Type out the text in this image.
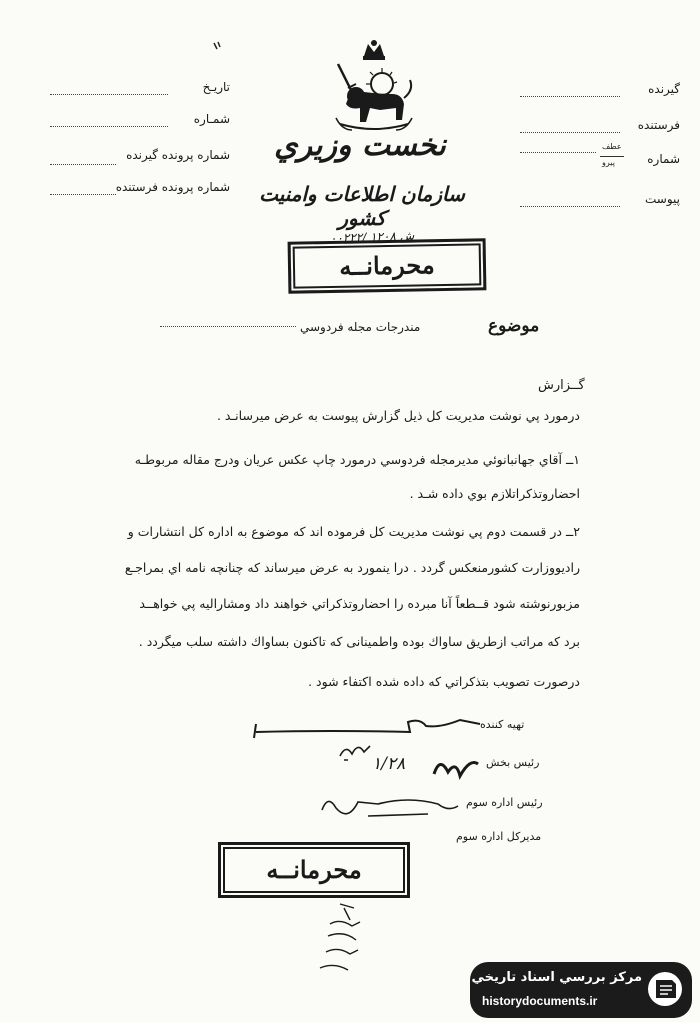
تاريـخ
شمـاره
شماره پرونده گيرنده
شماره پرونده فرستنده
گيرنده
فرستنده
شماره
عطف
پيرو
پيوست
نخست وزيري
سازمان اطلاعات وامنيت كشور
ش ١٢٠٨ /٠٠٢٢٢
محرمانــه
موضوع
مندرجات مجله فردوسي
گــزارش
درمورد پي نوشت مديريت كل ذيل گزارش پيوست به عرض ميرسانـد .
١ــ آقاي جهانبانوئي مديرمجله فردوسي درمورد چاپ عكس عريان ودرج مقاله مربوطـه
احضاروتذكراتلازم بوي داده شـد .
٢ــ در قسمت دوم پي نوشت مديريت كل فرموده اند كه موضوع به اداره كل انتشارات و
راديووزارت كشورمنعكس گردد . درا ينمورد به عرض ميرساند كه چنانچه نامه اي بمراجـع
مزبورنوشته شود قــطعاً آنا مبرده را احضاروتذكراتي خواهند داد ومشاراليه پي خواهــد
برد كه مراتب ازطريق ساواك بوده واطمينانى كه تاكنون بساواك داشته سلب ميگردد .
درصورت تصويب بتذكراتي كه داده شده اكتفاء شود .
تهيه كننده
رئيس بخش
١/٢٨
رئيس اداره سوم
مديركل اداره سوم
محرمانــه
مركز بررسي اسناد تاريخي
historydocuments.ir
